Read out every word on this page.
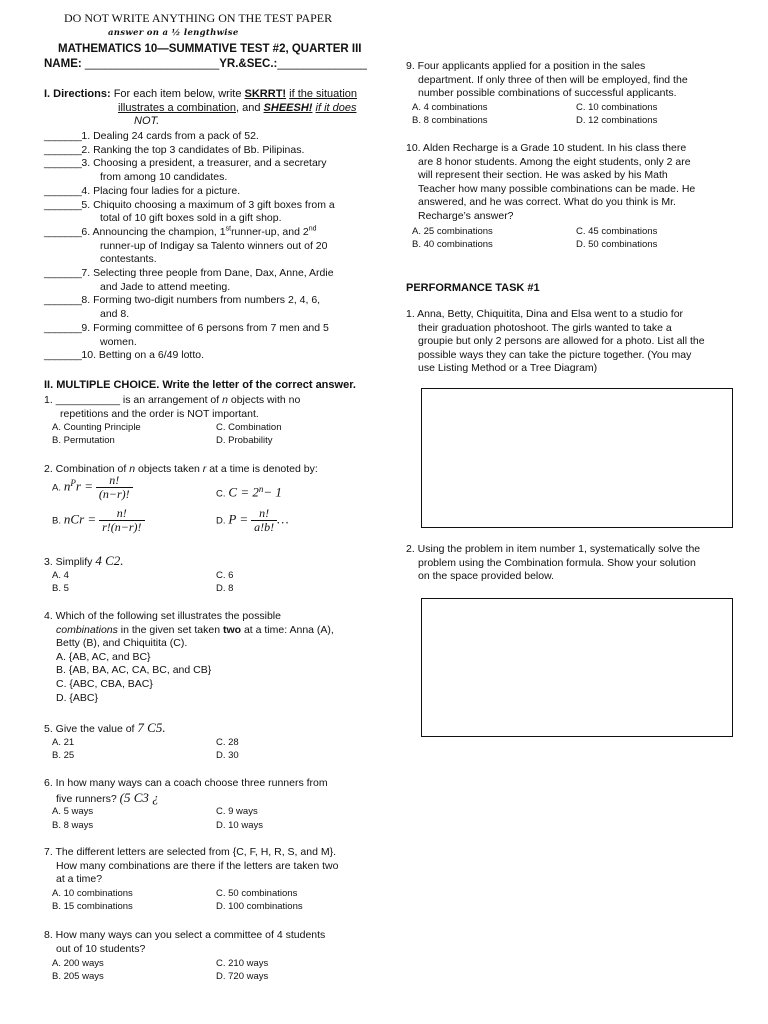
DO NOT WRITE ANYTHING ON THE TEST PAPER
answer on a ½ lengthwise
MATHEMATICS 10—SUMMATIVE TEST #2, QUARTER III
NAME: _____________________YR.&SEC.:______________
I. Directions: For each item below, write SKRRT! if the situation
illustrates a combination, and SHEESH! if it does
NOT.
_______1. Dealing 24 cards from a pack of 52.
_______2. Ranking the top 3 candidates of Bb. Pilipinas.
_______3. Choosing a president, a treasurer, and a secretary
from among 10 candidates.
_______4. Placing four ladies for a picture.
_______5. Chiquito choosing a maximum of 3 gift boxes from a
total of 10 gift boxes sold in a gift shop.
_______6. Announcing the champion, 1strunner-up, and 2nd
runner-up of Indigay sa Talento winners out of 20
contestants.
_______7. Selecting three people from Dane, Dax, Anne, Ardie
and Jade to attend meeting.
_______8. Forming two-digit numbers from numbers 2, 4, 6,
and 8.
_______9. Forming committee of 6 persons from 7 men and 5
women.
_______10. Betting on a 6/49 lotto.
II. MULTIPLE CHOICE. Write the letter of the correct answer.
1. ___________ is an arrangement of n objects with no
repetitions and the order is NOT important.
A. Counting Principle	C. Combination
B. Permutation	D. Probability
2. Combination of n objects taken r at a time is denoted by:
A. $n^Pr = \frac{n!}{(n-r)!}$	C. $C = 2^n- 1$
B. nCr = $\frac{n!}{r!(n-r)!}$	D. $P = \frac{n!}{a!b!}$ …
3. Simplify 4 C2.
A. 4	C. 6
B. 5	D. 8
4. Which of the following set illustrates the possible
combinations in the given set taken two at a time: Anna (A),
Betty (B), and Chiquitita (C).
A. {AB, AC, and BC}
B. {AB, BA, AC, CA, BC, and CB}
C. {ABC, CBA, BAC}
D. {ABC}
5. Give the value of 7 C5.
A. 21	C. 28
B. 25	D. 30
6. In how many ways can a coach choose three runners from
five runners? (5 C3 ¿
A. 5 ways	C. 9 ways
B. 8 ways	D. 10 ways
7. The different letters are selected from {C, F, H, R, S, and M}.
How many combinations are there if the letters are taken two
at a time?
A. 10 combinations	C. 50 combinations
B. 15 combinations	D. 100 combinations
8. How many ways can you select a committee of 4 students
out of 10 students?
A. 200 ways	C. 210 ways
B. 205 ways	D. 720 ways
9. Four applicants applied for a position in the sales
department. If only three of then will be employed, find the
number possible combinations of successful applicants.
A. 4 combinations	C. 10 combinations
B. 8 combinations	D. 12 combinations
10. Alden Recharge is a Grade 10 student. In his class there
are 8 honor students. Among the eight students, only 2 are
will represent their section. He was asked by his Math
Teacher how many possible combinations can be made. He
answered, and he was correct. What do you think is Mr.
Recharge’s answer?
A. 25 combinations	C. 45 combinations
B. 40 combinations	D. 50 combinations
PERFORMANCE TASK #1
1. Anna, Betty, Chiquitita, Dina and Elsa went to a studio for
their graduation photoshoot. The girls wanted to take a
groupie but only 2 persons are allowed for a photo. List all the
possible ways they can take the picture together. (You may
use Listing Method or a Tree Diagram)
2. Using the problem in item number 1, systematically solve the
problem using the Combination formula. Show your solution
on the space provided below.
